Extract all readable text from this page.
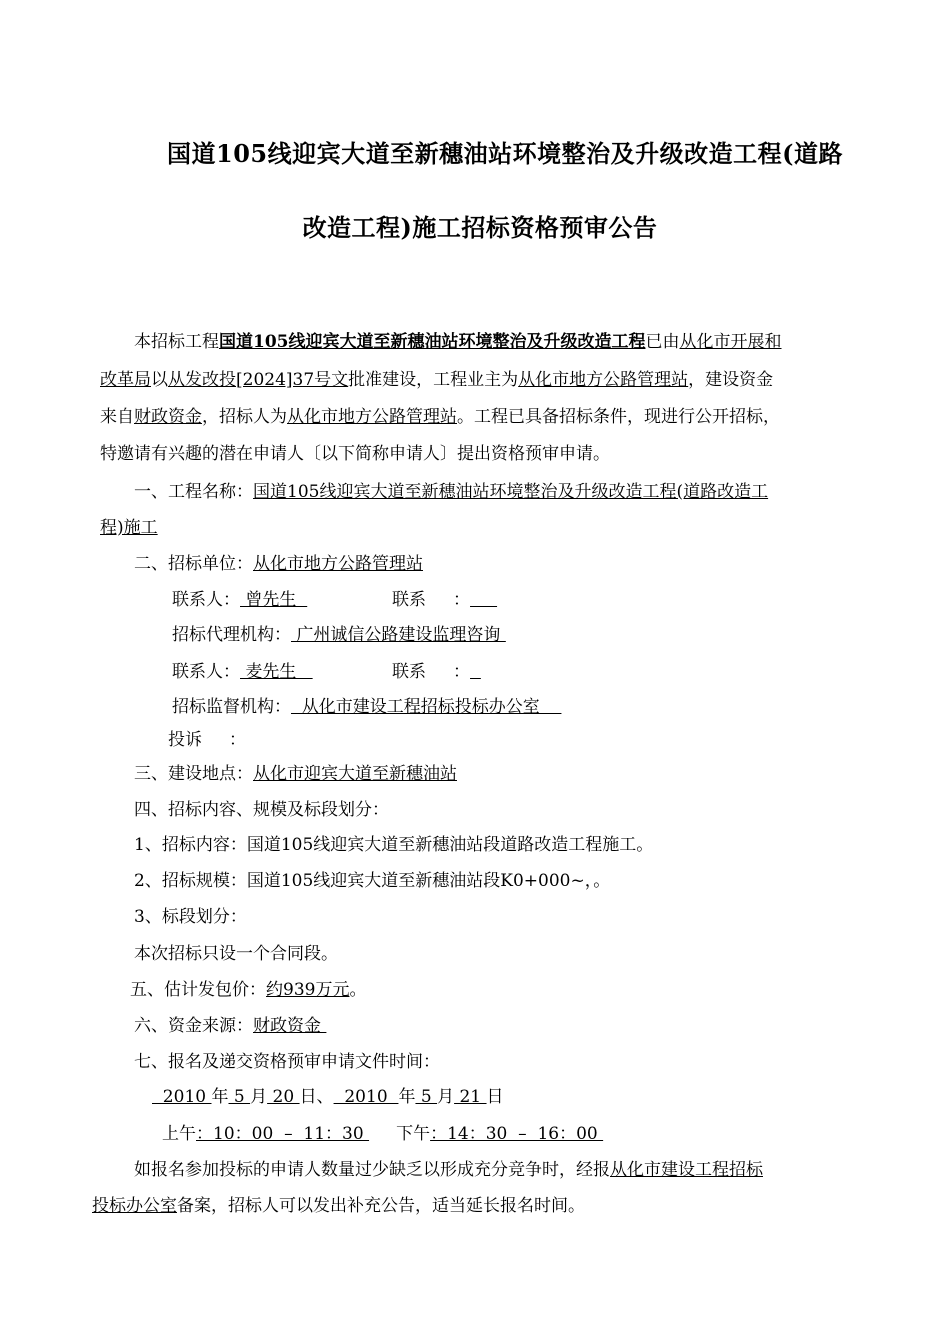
国道105线迎宾大道至新穗油站环境整治及升级改造工程(道路
改造工程)施工招标资格预审公告
本招标工程国道105线迎宾大道至新穗油站环境整治及升级改造工程已由从化市开展和
改革局以从发改投[2024]37号文批准建设，工程业主为从化市地方公路管理站，建设资金
来自财政资金，招标人为从化市地方公路管理站。工程已具备招标条件，现进行公开招标，
特邀请有兴趣的潜在申请人〔以下简称申请人〕提出资格预审申请。
一、工程名称：国道105线迎宾大道至新穗油站环境整治及升级改造工程(道路改造工
程)施工
二、招标单位：从化市地方公路管理站
联系人： 曾先生	联系     ：
招标代理机构： 广州诚信公路建设监理咨询
联系人： 麦先生	联系     ：
招标监督机构：  从化市建设工程招标投标办公室
投诉     ：
三、建设地点：从化市迎宾大道至新穗油站
四、招标内容、规模及标段划分：
1、招标内容：国道105线迎宾大道至新穗油站段道路改造工程施工。
2、招标规模：国道105线迎宾大道至新穗油站段K0+000~，。
3、标段划分：
本次招标只设一个合同段。
五、估计发包价：约939万元。
六、资金来源：财政资金
七、报名及递交资格预审申请文件时间：
2010 年 5 月 20 日、  2010  年 5 月 21 日
上午：10：00  –  11：30      下午：14：30  –  16：00
如报名参加投标的申请人数量过少缺乏以形成充分竞争时，经报从化市建设工程招标
投标办公室备案，招标人可以发出补充公告，适当延长报名时间。
